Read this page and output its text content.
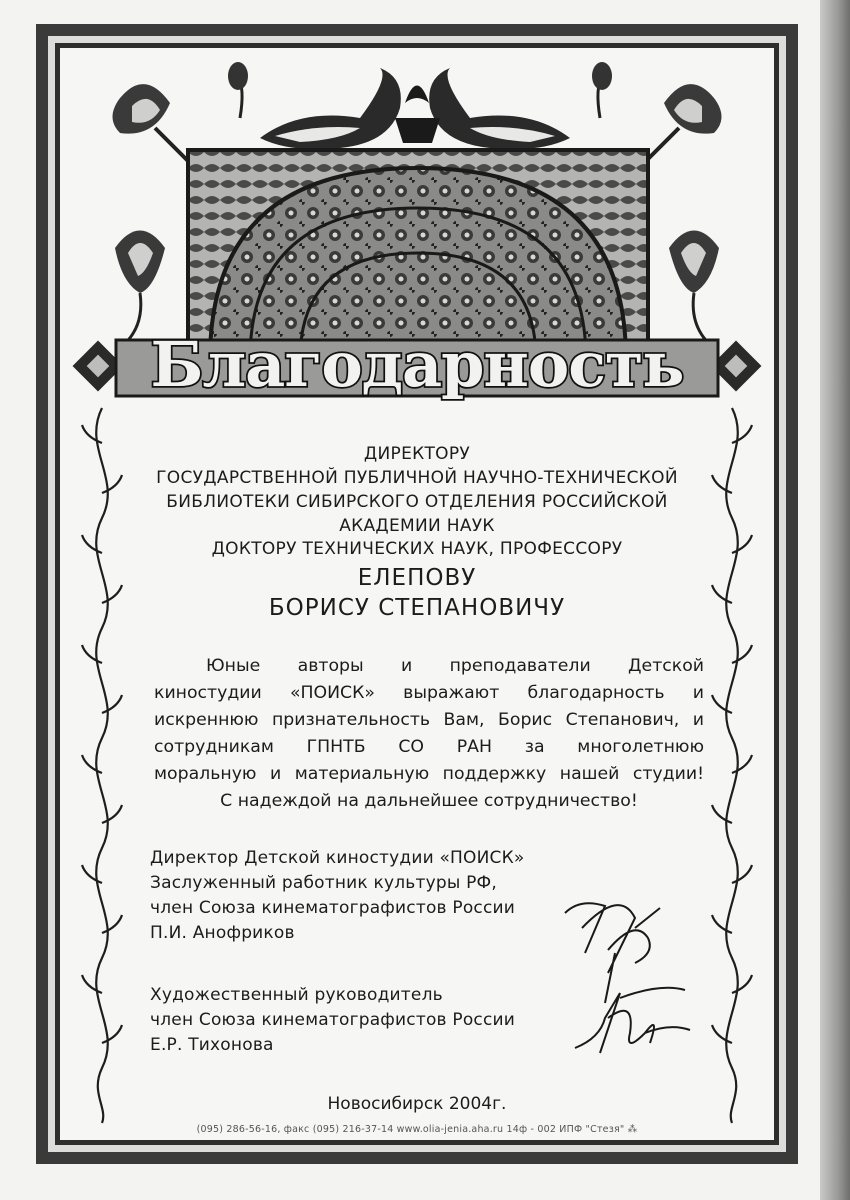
Благодарность
ДИРЕКТОРУ
ГОСУДАРСТВЕННОЙ ПУБЛИЧНОЙ НАУЧНО-ТЕХНИЧЕСКОЙ
БИБЛИОТЕКИ СИБИРСКОГО ОТДЕЛЕНИЯ РОССИЙСКОЙ
АКАДЕМИИ НАУК
ДОКТОРУ ТЕХНИЧЕСКИХ НАУК, ПРОФЕССОРУ
ЕЛЕПОВУ
БОРИСУ СТЕПАНОВИЧУ
Юные авторы и преподаватели Детской
киностудии «ПОИСК» выражают благодарность и
искреннюю признательность Вам, Борис Степанович, и
сотрудникам ГПНТБ СО РАН за многолетнюю
моральную и материальную поддержку нашей студии!
С надеждой на дальнейшее сотрудничество!
Директор Детской киностудии «ПОИСК»
Заслуженный работник культуры РФ,
член Союза кинематографистов России
П.И. Анофриков
Художественный руководитель
член Союза кинематографистов России
Е.Р. Тихонова
Новосибирск 2004г.
(095) 286-56-16, факс (095) 216-37-14 www.olia-jenia.aha.ru 14ф - 002 ИПФ "Стезя" ⁂
